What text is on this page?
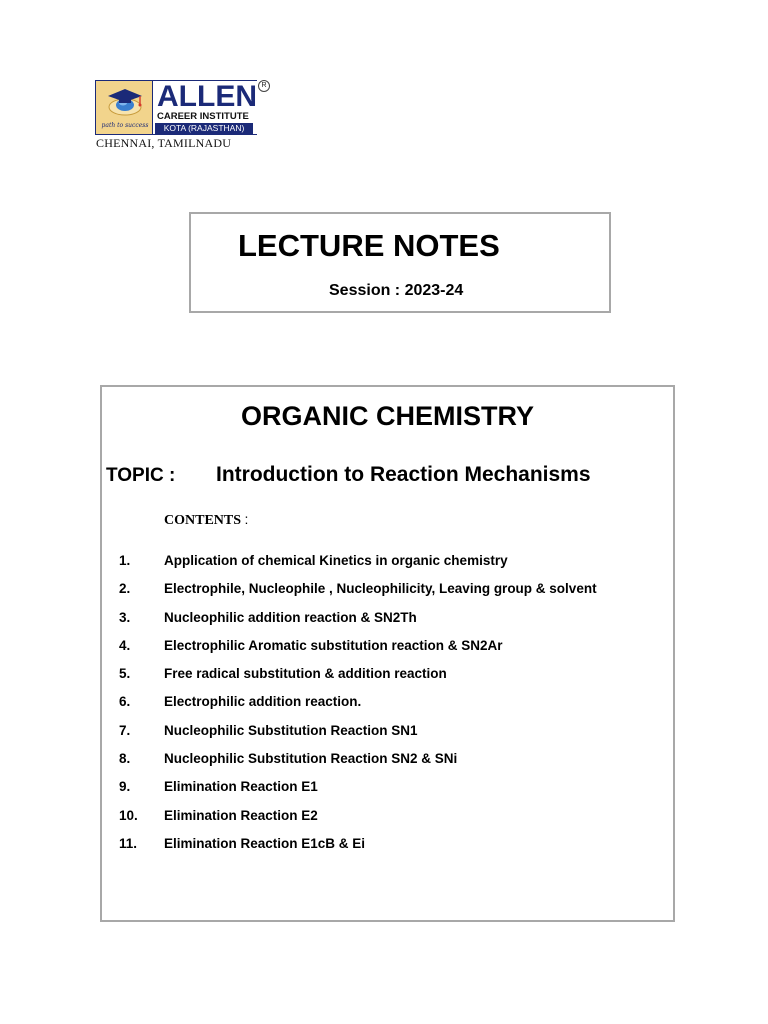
path to success
ALLEN
CAREER INSTITUTE
KOTA (RAJASTHAN)
R
CHENNAI, TAMILNADU
LECTURE NOTES
Session : 2023-24
ORGANIC CHEMISTRY
TOPIC : Introduction to Reaction Mechanisms
CONTENTS :
1.	Application of chemical Kinetics in organic chemistry
2.	Electrophile, Nucleophile , Nucleophilicity, Leaving group & solvent
3.	Nucleophilic addition reaction & SN2Th
4.	Electrophilic Aromatic substitution reaction & SN2Ar
5.	Free radical substitution & addition reaction
6.	Electrophilic addition reaction.
7.	Nucleophilic Substitution Reaction SN1
8.	Nucleophilic Substitution Reaction SN2 & SNi
9.	Elimination Reaction E1
10.	Elimination Reaction E2
11.	Elimination Reaction E1cB & Ei
